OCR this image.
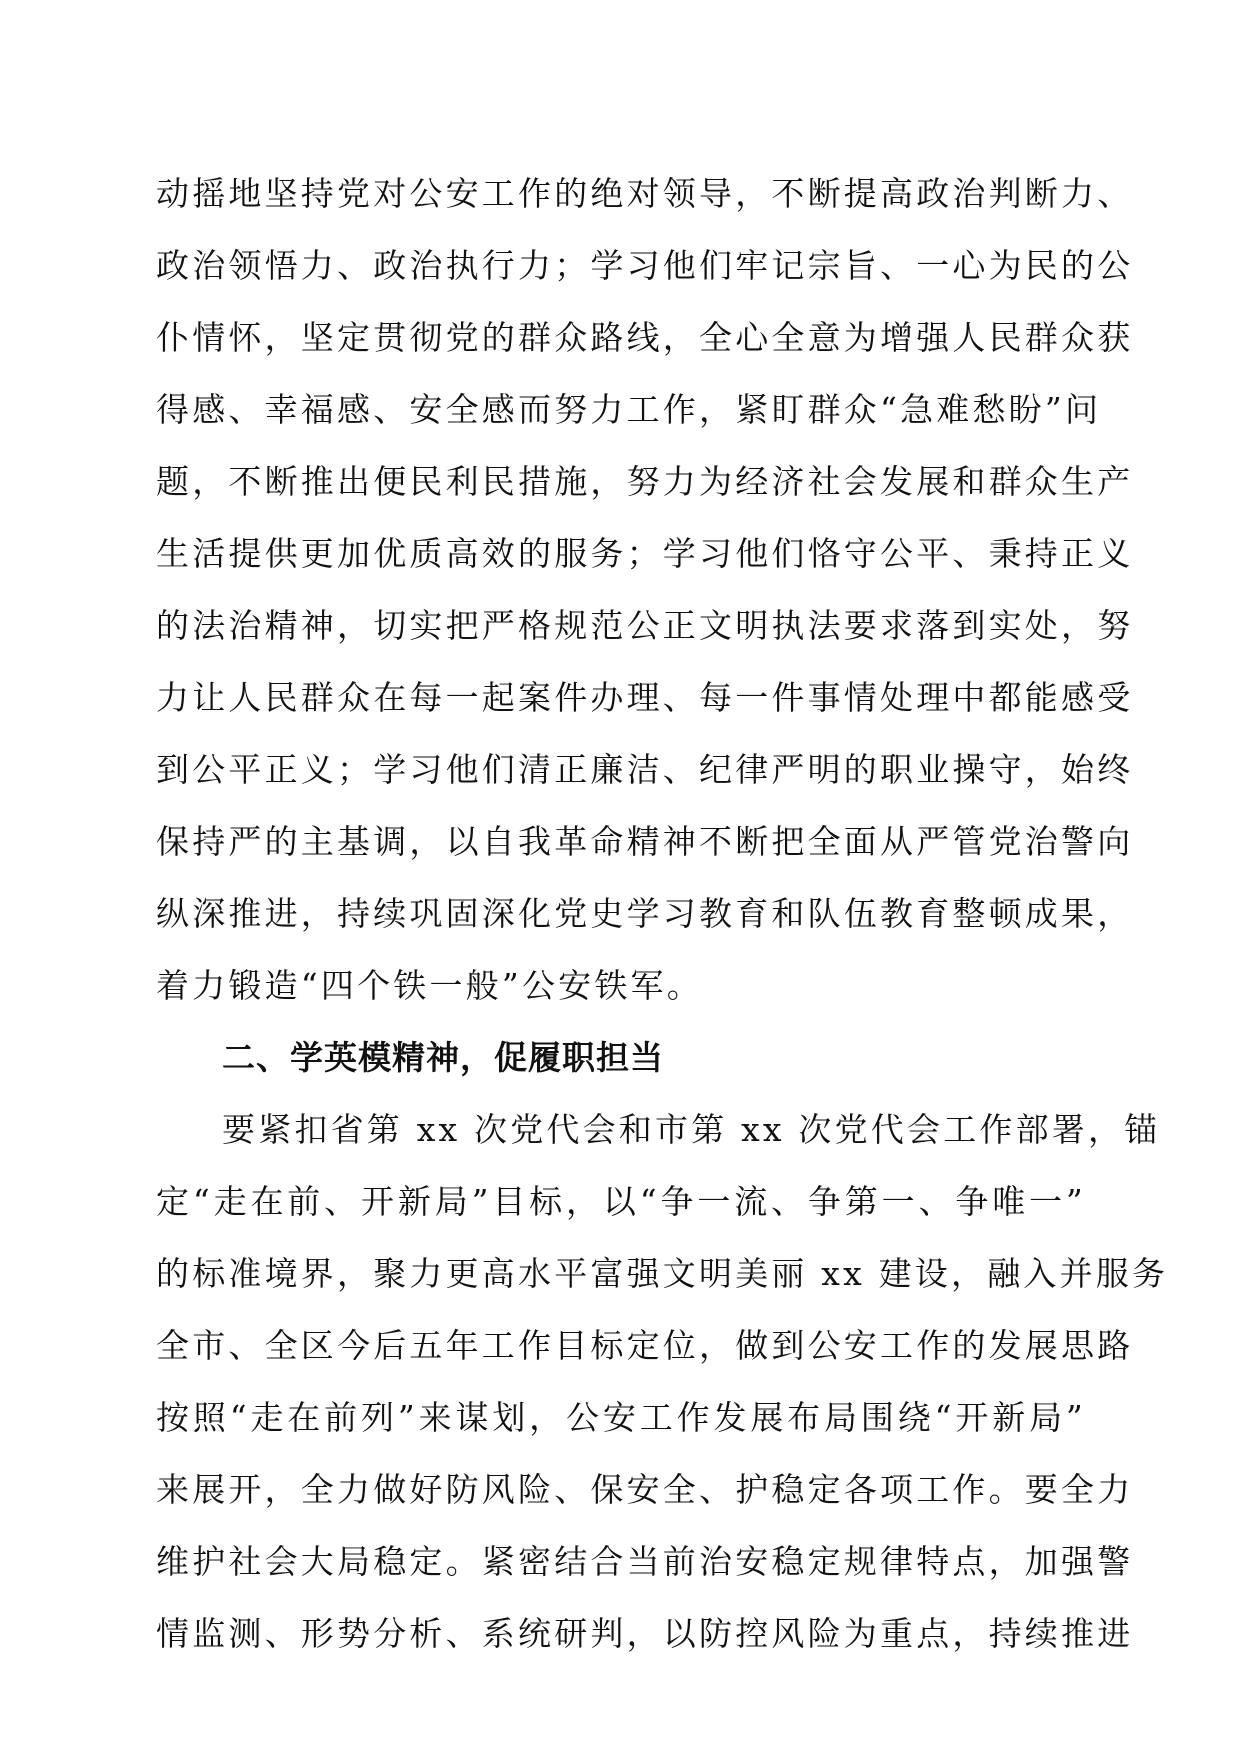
动摇地坚持党对公安工作的绝对领导，不断提高政治判断力、
政治领悟力、政治执行力；学习他们牢记宗旨、一心为民的公
仆情怀，坚定贯彻党的群众路线，全心全意为增强人民群众获
得感、幸福感、安全感而努力工作，紧盯群众“急难愁盼”问
题，不断推出便民利民措施，努力为经济社会发展和群众生产
生活提供更加优质高效的服务；学习他们恪守公平、秉持正义
的法治精神，切实把严格规范公正文明执法要求落到实处，努
力让人民群众在每一起案件办理、每一件事情处理中都能感受
到公平正义；学习他们清正廉洁、纪律严明的职业操守，始终
保持严的主基调，以自我革命精神不断把全面从严管党治警向
纵深推进，持续巩固深化党史学习教育和队伍教育整顿成果，
着力锻造“四个铁一般”公安铁军。
二、学英模精神，促履职担当
要紧扣省第 xx 次党代会和市第 xx 次党代会工作部署，锚
定“走在前、开新局”目标，以“争一流、争第一、争唯一”
的标准境界，聚力更高水平富强文明美丽 xx 建设，融入并服务
全市、全区今后五年工作目标定位，做到公安工作的发展思路
按照“走在前列”来谋划，公安工作发展布局围绕“开新局”
来展开，全力做好防风险、保安全、护稳定各项工作。要全力
维护社会大局稳定。紧密结合当前治安稳定规律特点，加强警
情监测、形势分析、系统研判，以防控风险为重点，持续推进
